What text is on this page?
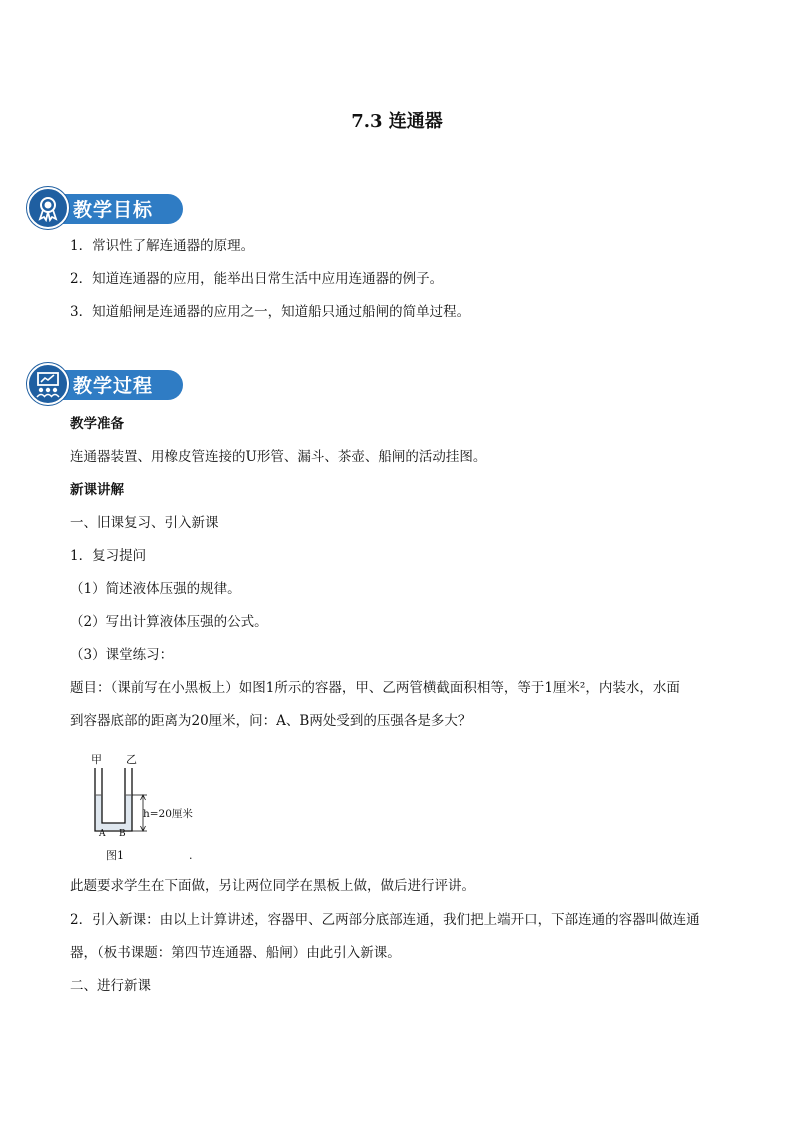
7.3 连通器
教学目标
1．常识性了解连通器的原理。
2．知道连通器的应用，能举出日常生活中应用连通器的例子。
3．知道船闸是连通器的应用之一，知道船只通过船闸的简单过程。
教学过程
教学准备
连通器装置、用橡皮管连接的U形管、漏斗、茶壶、船闸的活动挂图。
新课讲解
一、旧课复习、引入新课
1．复习提问
（1）简述液体压强的规律。
（2）写出计算液体压强的公式。
（3）课堂练习：
题目：（课前写在小黑板上）如图1所示的容器，甲、乙两管横截面积相等，等于1厘米²，内装水，水面
到容器底部的距离为20厘米，问：A、B两处受到的压强各是多大？
甲 乙
h=20厘米
A B
图1	.
此题要求学生在下面做，另让两位同学在黑板上做，做后进行评讲。
2．引入新课：由以上计算讲述，容器甲、乙两部分底部连通，我们把上端开口，下部连通的容器叫做连通
器，（板书课题：第四节连通器、船闸）由此引入新课。
二、进行新课
